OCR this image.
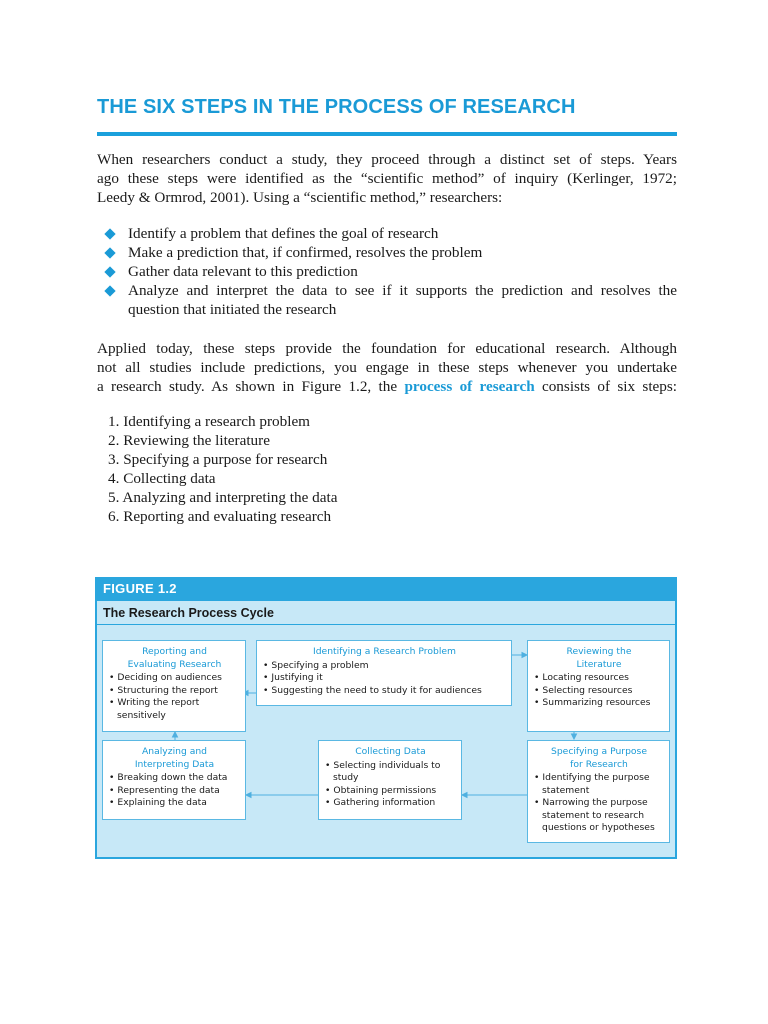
THE SIX STEPS IN THE PROCESS OF RESEARCH
When researchers conduct a study, they proceed through a distinct set of steps. Years
ago these steps were identified as the “scientific method” of inquiry (Kerlinger, 1972;
Leedy & Ormrod, 2001). Using a “scientific method,” researchers:
Identify a problem that defines the goal of research
Make a prediction that, if confirmed, resolves the problem
Gather data relevant to this prediction
Analyze and interpret the data to see if it supports the prediction and resolves the
question that initiated the research
Applied today, these steps provide the foundation for educational research. Although
not all studies include predictions, you engage in these steps whenever you undertake
a research study. As shown in Figure 1.2, the process of research consists of six steps:
1. Identifying a research problem
2. Reviewing the literature
3. Specifying a purpose for research
4. Collecting data
5. Analyzing and interpreting the data
6. Reporting and evaluating research
FIGURE 1.2
The Research Process Cycle
Reporting and
Evaluating Research
• Deciding on audiences
• Structuring the report
• Writing the report sensitively
Identifying a Research Problem
• Specifying a problem
• Justifying it
• Suggesting the need to study it for audiences
Reviewing the
Literature
• Locating resources
• Selecting resources
• Summarizing resources
Analyzing and
Interpreting Data
• Breaking down the data
• Representing the data
• Explaining the data
Collecting Data
• Selecting individuals to study
• Obtaining permissions
• Gathering information
Specifying a Purpose
for Research
• Identifying the purpose statement
• Narrowing the purpose statement to research questions or hypotheses
